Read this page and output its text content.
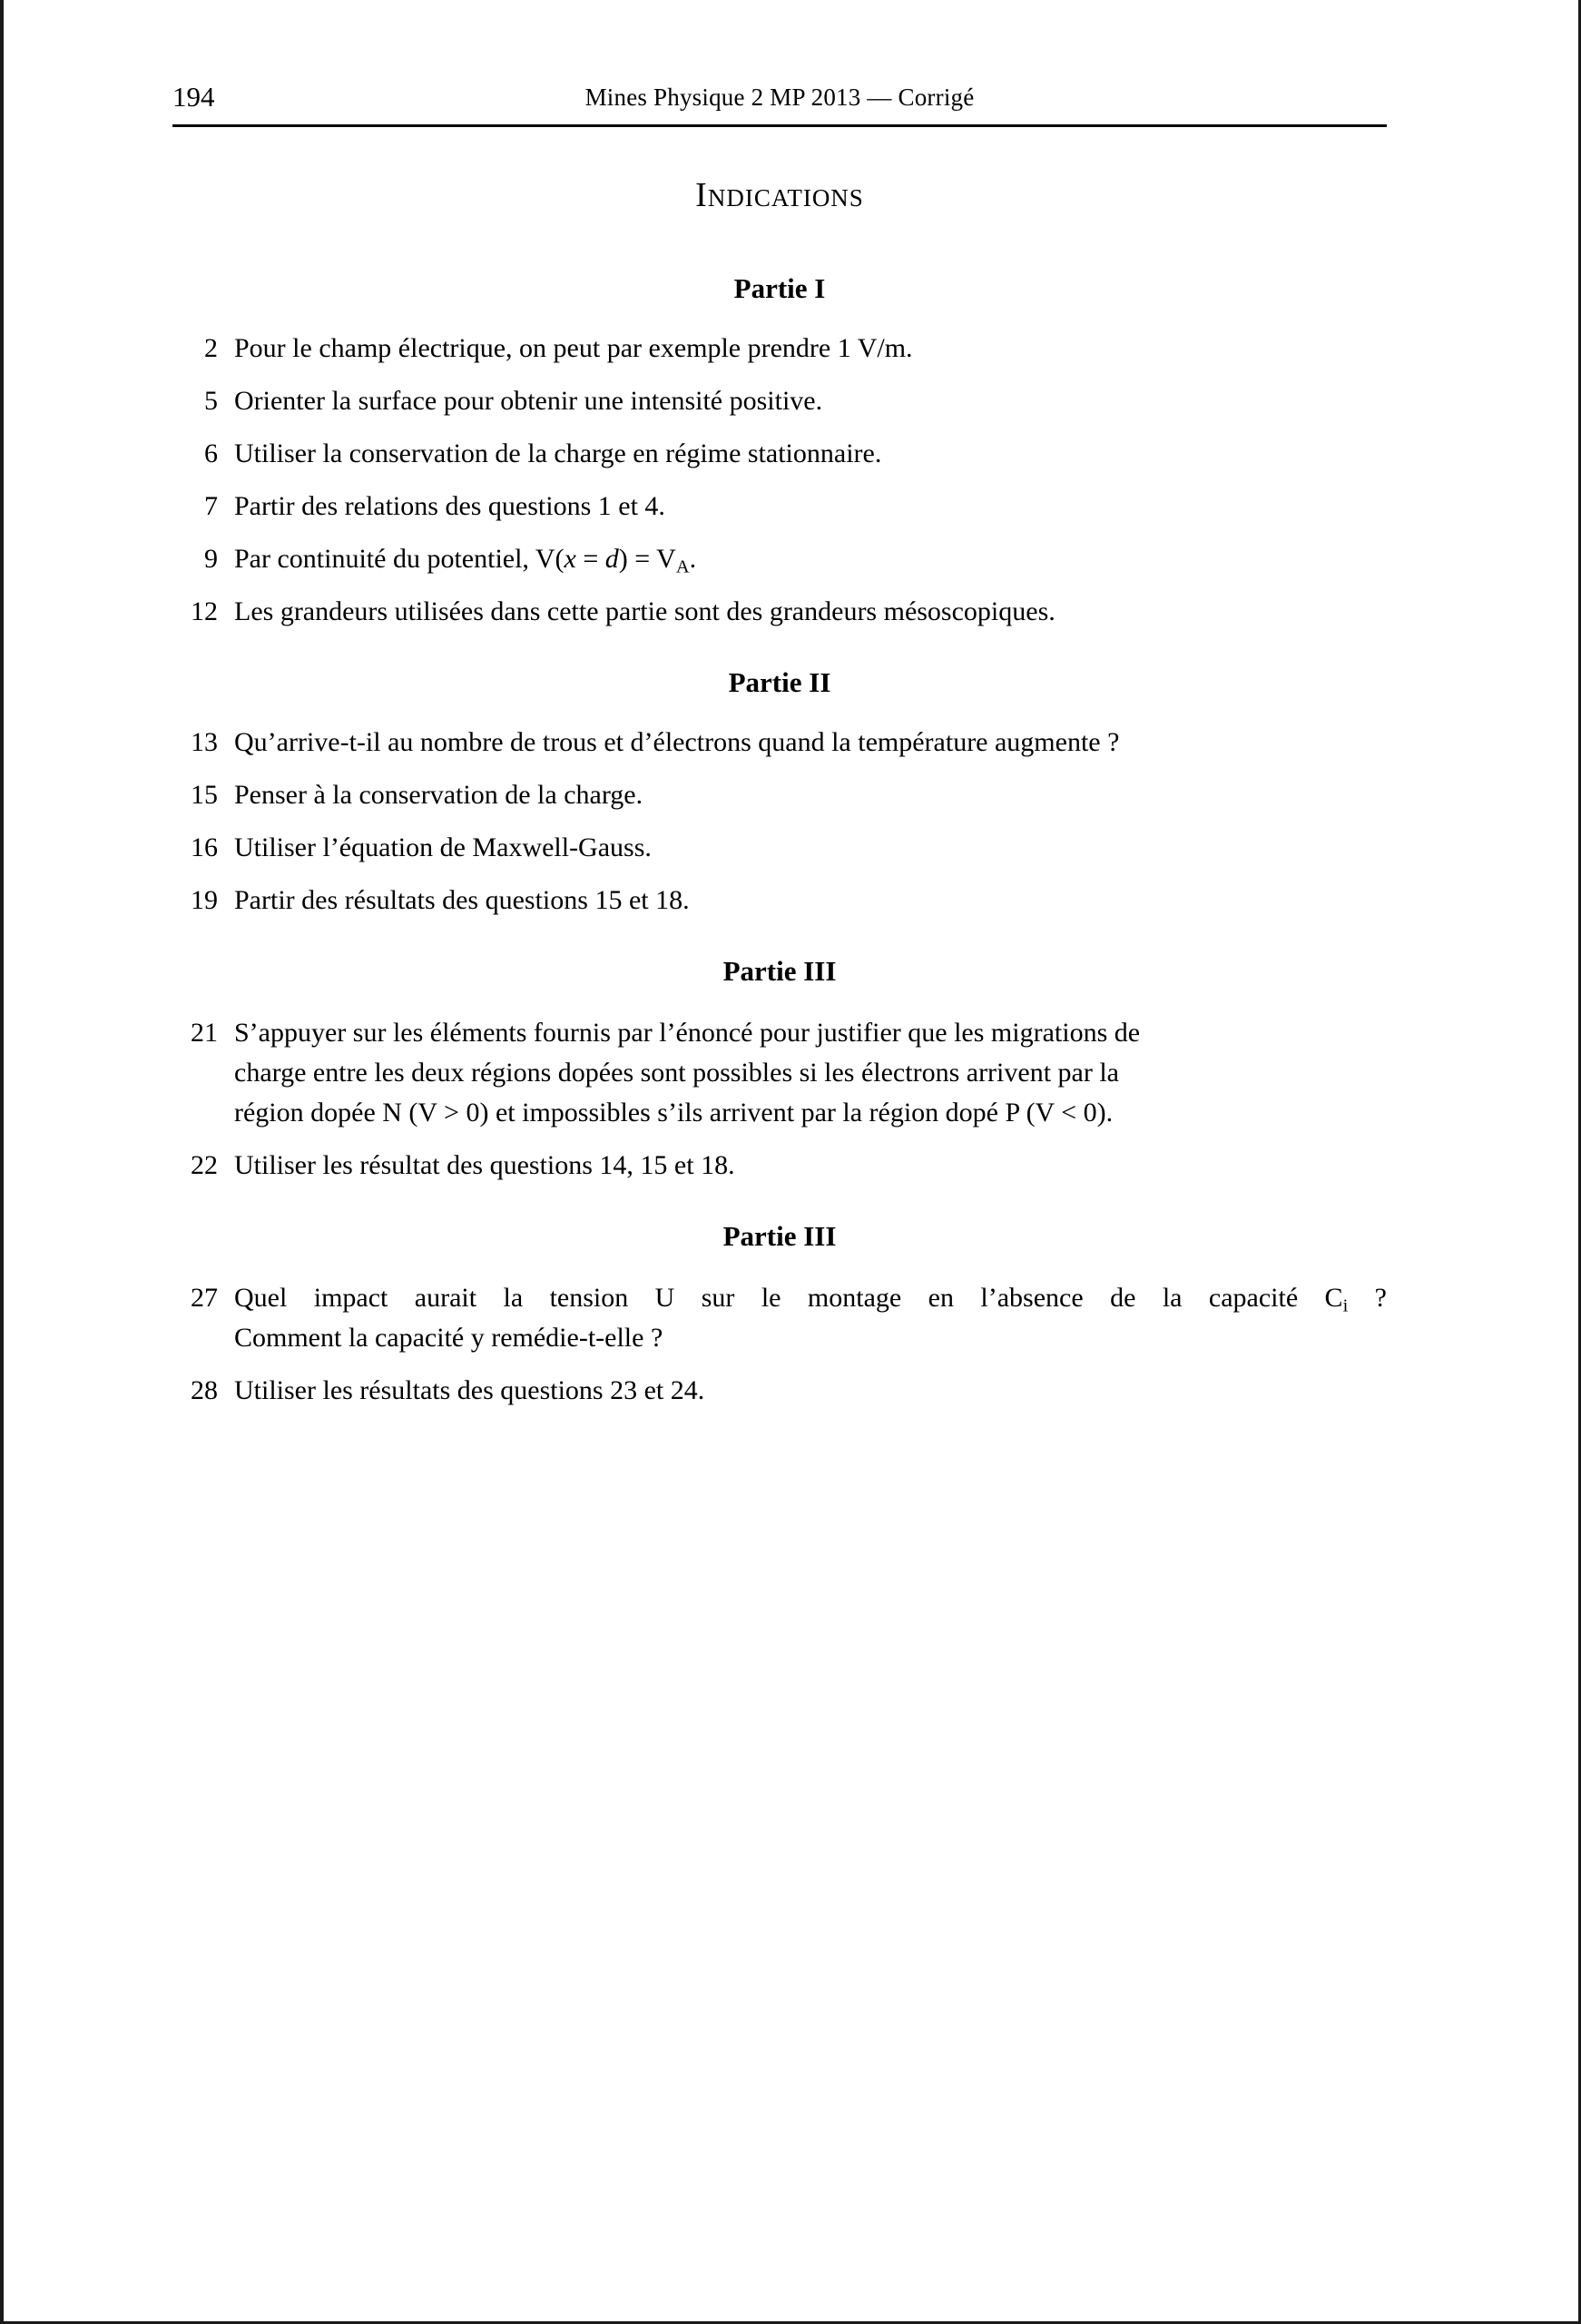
194	Mines Physique 2 MP 2013 — Corrigé
Indications
Partie I
2 Pour le champ électrique, on peut par exemple prendre 1 V/m.
5 Orienter la surface pour obtenir une intensité positive.
6 Utiliser la conservation de la charge en régime stationnaire.
7 Partir des relations des questions 1 et 4.
9 Par continuité du potentiel, $V(x = d) = V_A$.
12 Les grandeurs utilisées dans cette partie sont des grandeurs mésoscopiques.
Partie II
13 Qu’arrive-t-il au nombre de trous et d’électrons quand la température augmente ?
15 Penser à la conservation de la charge.
16 Utiliser l’équation de Maxwell-Gauss.
19 Partir des résultats des questions 15 et 18.
Partie III
21 S’appuyer sur les éléments fournis par l’énoncé pour justifier que les migrations de
charge entre les deux régions dopées sont possibles si les électrons arrivent par la
région dopée N (V > 0) et impossibles s’ils arrivent par la région dopé P (V < 0).
22 Utiliser les résultat des questions 14, 15 et 18.
Partie III
27 Quel impact aurait la tension U sur le montage en l’absence de la capacité $C_i$ ?
Comment la capacité y remédie-t-elle ?
28 Utiliser les résultats des questions 23 et 24.
